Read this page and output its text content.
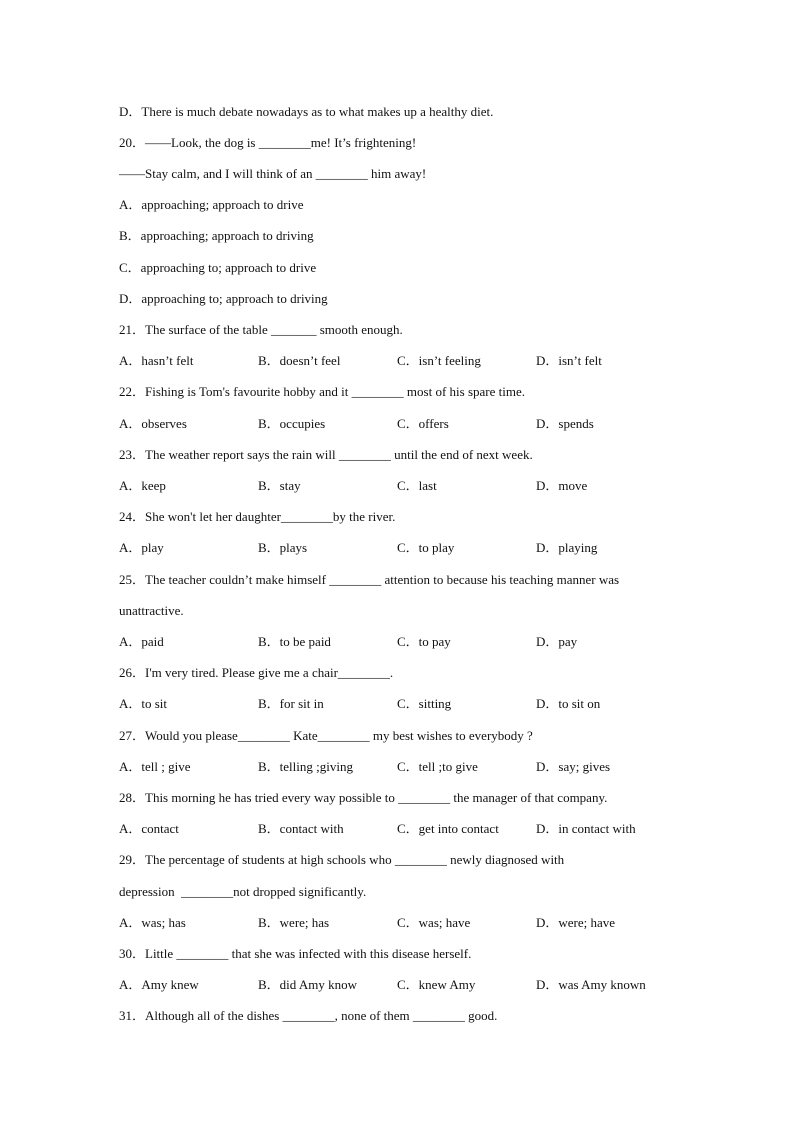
D．There is much debate nowadays as to what makes up a healthy diet.
20．——Look, the dog is ________me! It’s frightening!
——Stay calm, and I will think of an ________ him away!
A．approaching; approach to drive
B．approaching; approach to driving
C．approaching to; approach to drive
D．approaching to; approach to driving
21．The surface of the table _______ smooth enough.
A．hasn’t felt	B．doesn’t feel	C．isn’t feeling	D．isn’t felt
22．Fishing is Tom's favourite hobby and it ________ most of his spare time.
A．observes	B．occupies	C．offers	D．spends
23．The weather report says the rain will ________ until the end of next week.
A．keep	B．stay	C．last	D．move
24．She won't let her daughter________by the river.
A．play	B．plays	C．to play	D．playing
25．The teacher couldn’t make himself ________ attention to because his teaching manner was
unattractive.
A．paid	B．to be paid	C．to pay	D．pay
26．I'm very tired. Please give me a chair________.
A．to sit	B．for sit in	C．sitting	D．to sit on
27．Would you please________ Kate________ my best wishes to everybody ?
A．tell ; give	B．telling ;giving	C．tell ;to give	D．say; gives
28．This morning he has tried every way possible to ________ the manager of that company.
A．contact	B．contact with	C．get into contact	D．in contact with
29．The percentage of students at high schools who ________ newly diagnosed with
depression  ________not dropped significantly.
A．was; has	B．were; has	C．was; have	D．were; have
30．Little ________ that she was infected with this disease herself.
A．Amy knew	B．did Amy know	C．knew Amy	D．was Amy known
31．Although all of the dishes ________, none of them ________ good.
